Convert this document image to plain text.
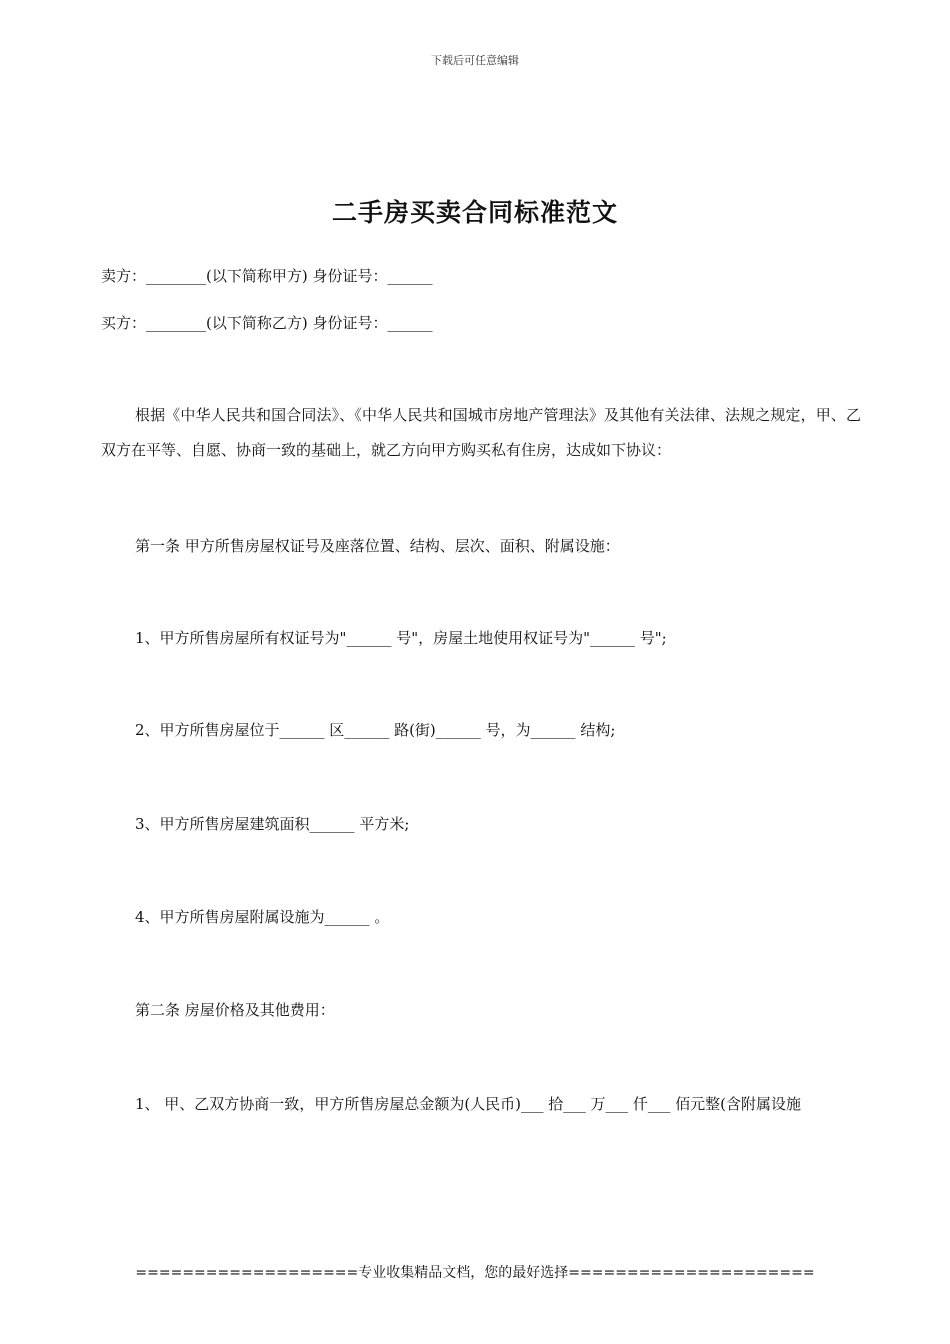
下载后可任意编辑

二手房买卖合同标准范文

卖方：________(以下简称甲方) 身份证号：______

买方：________(以下简称乙方) 身份证号：______

根据《中华人民共和国合同法》、《中华人民共和国城市房地产管理法》及其他有关法律、法规之规定，甲、乙双方在平等、自愿、协商一致的基础上，就乙方向甲方购买私有住房，达成如下协议：

第一条 甲方所售房屋权证号及座落位置、结构、层次、面积、附属设施：

1、甲方所售房屋所有权证号为"______ 号"，房屋土地使用权证号为"______ 号";

2、甲方所售房屋位于______ 区______ 路(街)______ 号，为______ 结构;

3、甲方所售房屋建筑面积______ 平方米;

4、甲方所售房屋附属设施为______ 。

第二条 房屋价格及其他费用：

1、 甲、乙双方协商一致，甲方所售房屋总金额为(人民币)___ 拾___ 万___ 仟___ 佰元整(含附属设施

===================专业收集精品文档，您的最好选择=====================
